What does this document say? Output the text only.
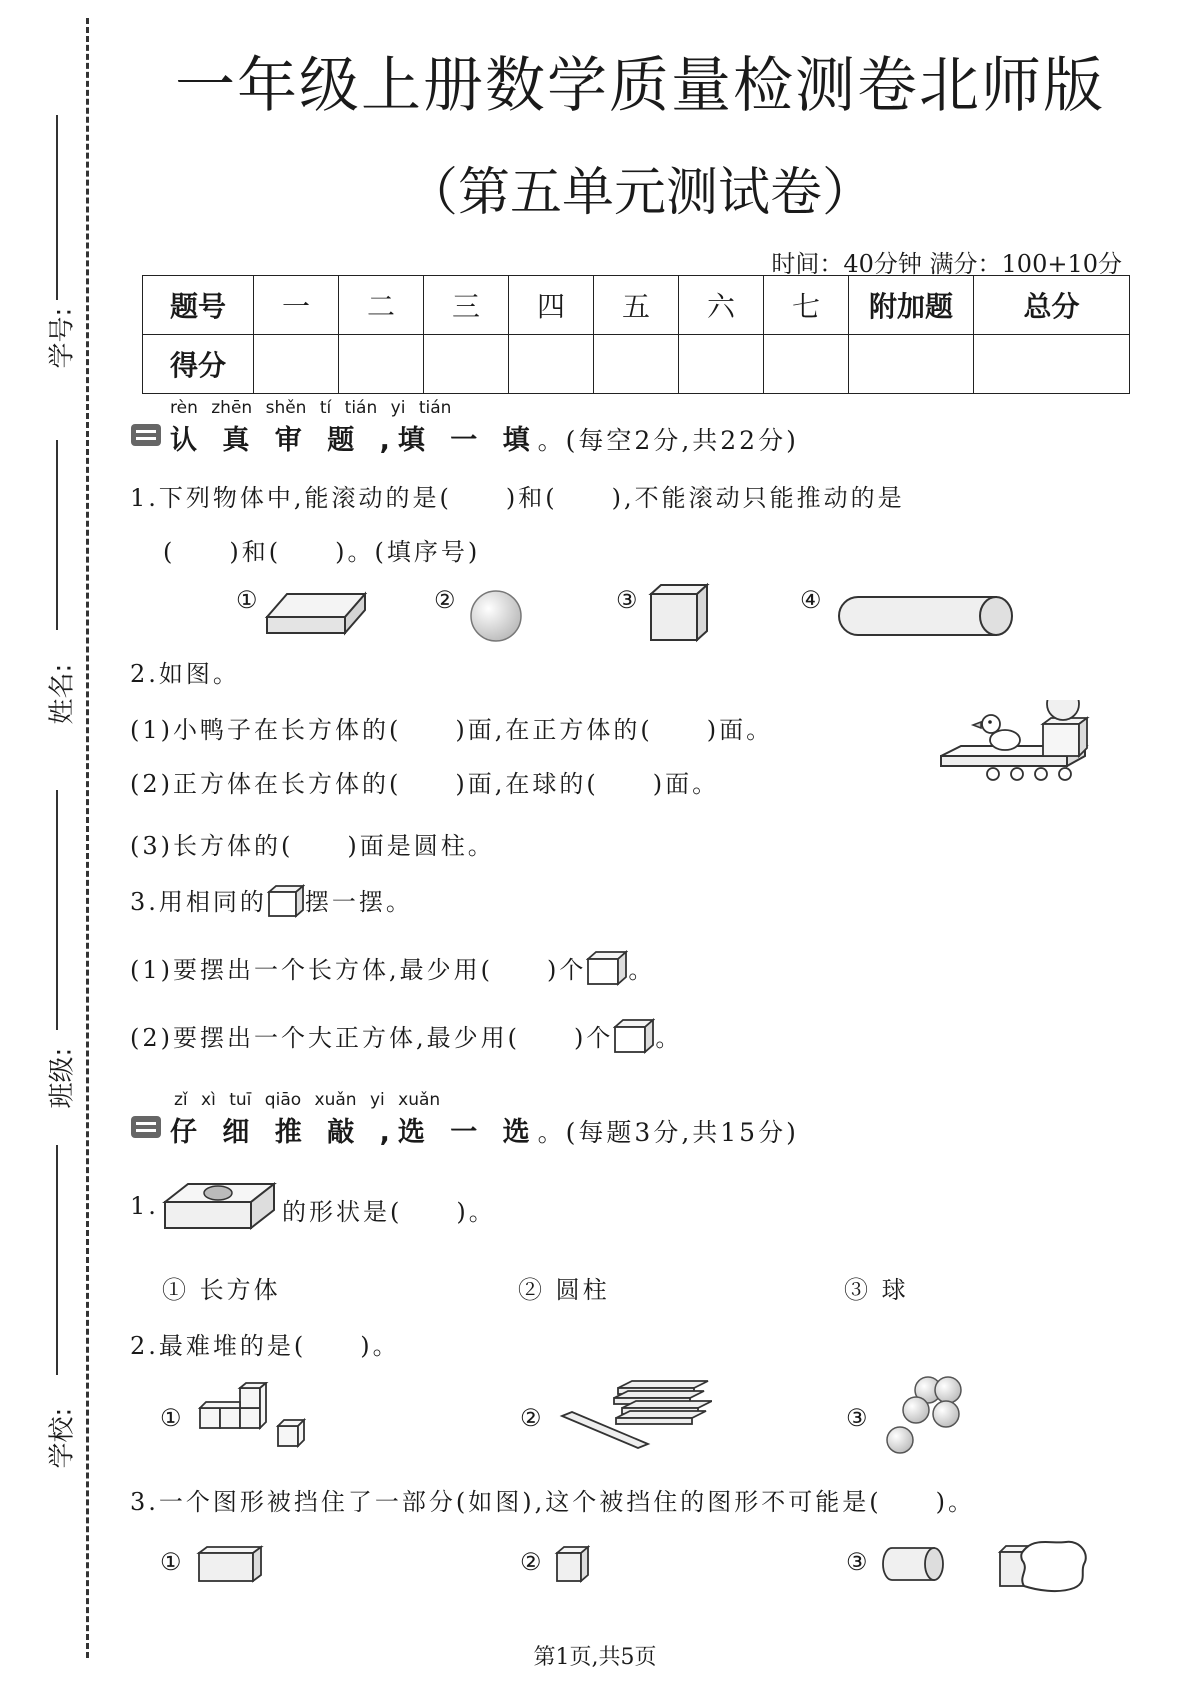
学号:
姓名:
班级:
学校:
一年级上册数学质量检测卷北师版
（第五单元测试卷）
时间：40分钟 满分：100+10分
题号	一	二	三	四	五	六	七	附加题	总分
得分									
rèn zhēn shěn tí tián yi tián
认 真 审 题 ,填 一 填。(每空2分,共22分)
1.下列物体中,能滚动的是(　　)和(　　),不能滚动只能推动的是
(　　)和(　　)。(填序号)
①	②	③	④
2.如图。
(1)小鸭子在长方体的(　　)面,在正方体的(　　)面。
(2)正方体在长方体的(　　)面,在球的(　　)面。
(3)长方体的(　　)面是圆柱。
3.用相同的 摆一摆。
(1)要摆出一个长方体,最少用(　　)个 。
(2)要摆出一个大正方体,最少用(　　)个 。
zǐ xì tuī qiāo xuǎn yi xuǎn
仔 细 推 敲 ,选 一 选。(每题3分,共15分)
1.	的形状是(　　)。
① 长方体	② 圆柱	③ 球
2.最难堆的是(　　)。
①	②	③
3.一个图形被挡住了一部分(如图),这个被挡住的图形不可能是(　　)。
①	②	③
第1页,共5页
